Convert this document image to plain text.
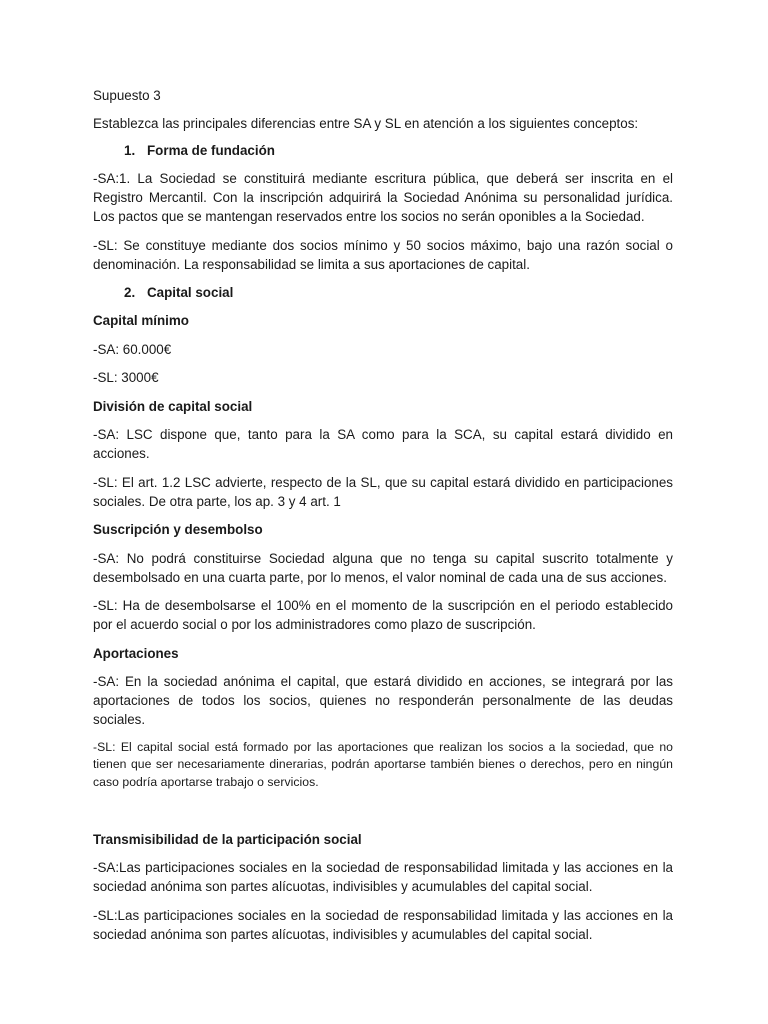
Supuesto 3

Establezca las principales diferencias entre SA y SL en atención a los siguientes conceptos:

1. Forma de fundación

-SA:1. La Sociedad se constituirá mediante escritura pública, que deberá ser inscrita en el Registro Mercantil. Con la inscripción adquirirá la Sociedad Anónima su personalidad jurídica. Los pactos que se mantengan reservados entre los socios no serán oponibles a la Sociedad.

-SL: Se constituye mediante dos socios mínimo y 50 socios máximo, bajo una razón social o denominación. La responsabilidad se limita a sus aportaciones de capital.

2. Capital social

Capital mínimo

-SA: 60.000€

-SL: 3000€

División de capital social

-SA: LSC dispone que, tanto para la SA como para la SCA, su capital estará dividido en acciones.

-SL: El art. 1.2 LSC advierte, respecto de la SL, que su capital estará dividido en participaciones sociales. De otra parte, los ap. 3 y 4 art. 1

Suscripción y desembolso

-SA: No podrá constituirse Sociedad alguna que no tenga su capital suscrito totalmente y desembolsado en una cuarta parte, por lo menos, el valor nominal de cada una de sus acciones.

-SL: Ha de desembolsarse el 100% en el momento de la suscripción en el periodo establecido por el acuerdo social o por los administradores como plazo de suscripción.

Aportaciones

-SA: En la sociedad anónima el capital, que estará dividido en acciones, se integrará por las aportaciones de todos los socios, quienes no responderán personalmente de las deudas sociales.

-SL: El capital social está formado por las aportaciones que realizan los socios a la sociedad, que no tienen que ser necesariamente dinerarias, podrán aportarse también bienes o derechos, pero en ningún caso podría aportarse trabajo o servicios.

Transmisibilidad de la participación social

-SA:Las participaciones sociales en la sociedad de responsabilidad limitada y las acciones en la sociedad anónima son partes alícuotas, indivisibles y acumulables del capital social.

-SL:Las participaciones sociales en la sociedad de responsabilidad limitada y las acciones en la sociedad anónima son partes alícuotas, indivisibles y acumulables del capital social.
